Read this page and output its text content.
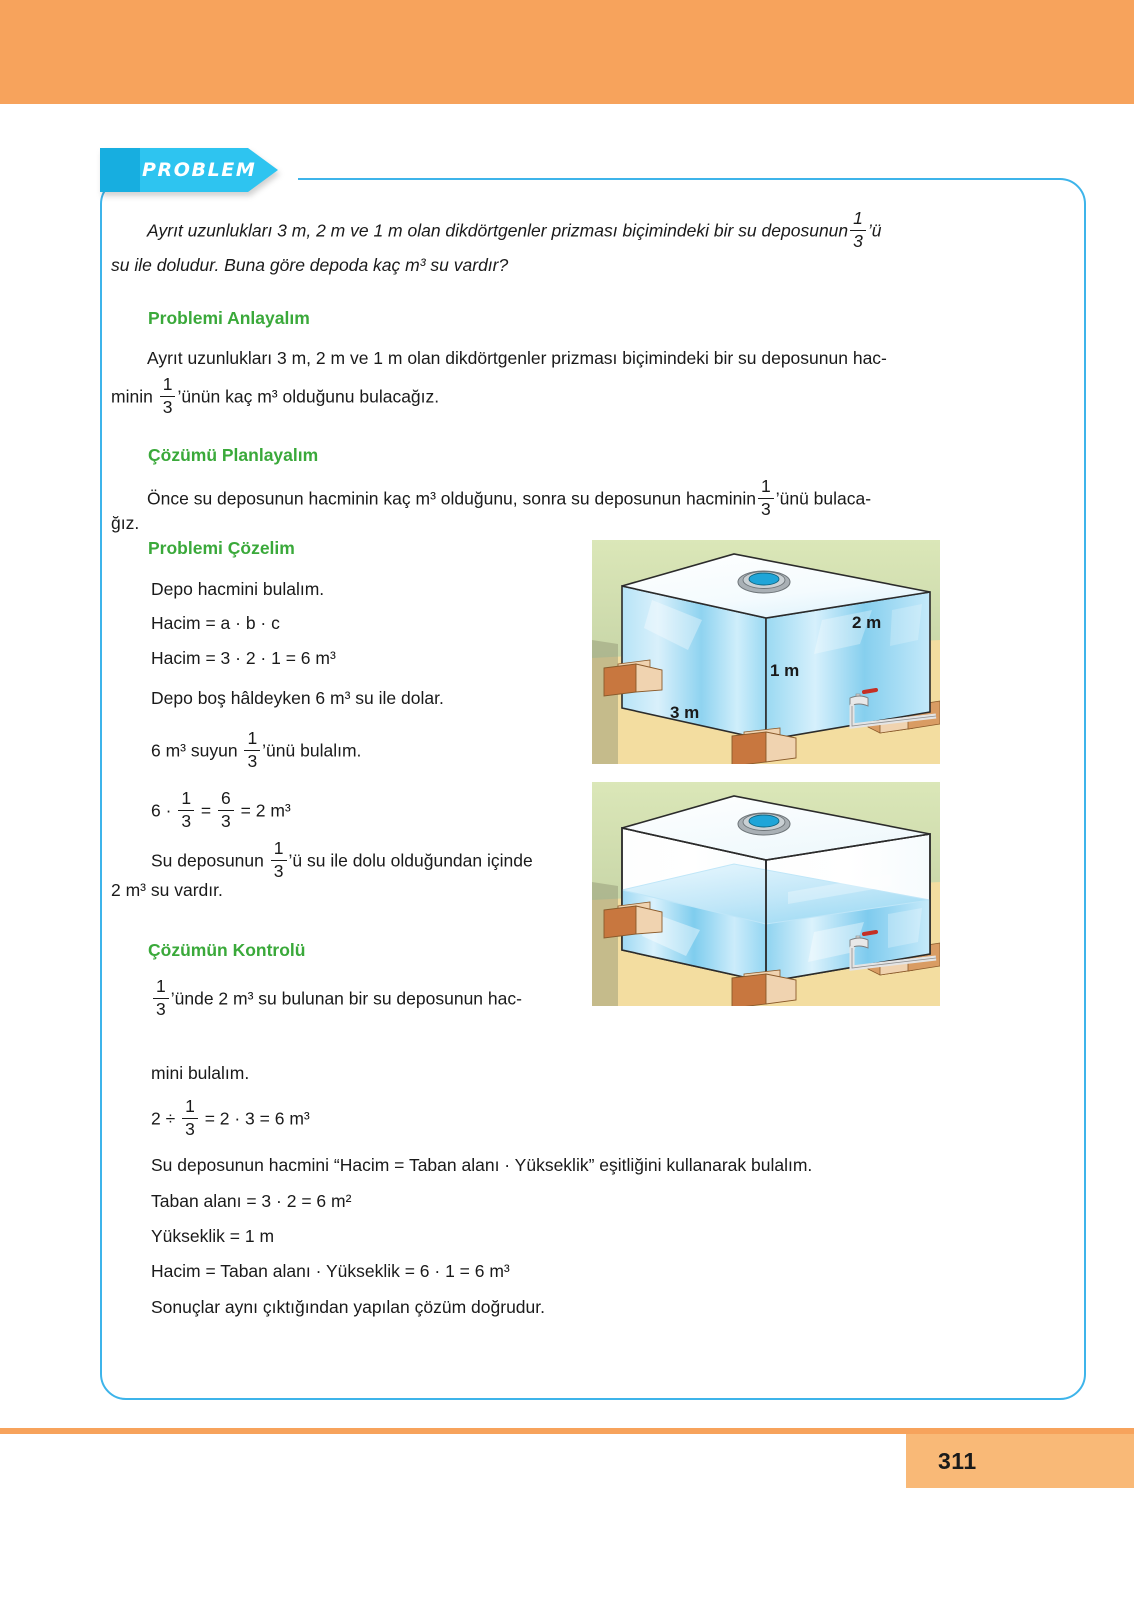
311
PROBLEM
Ayrıt uzunlukları 3 m, 2 m ve 1 m olan dikdörtgenler prizması biçimindeki bir su deposunun $\frac{1}{3}$ ’ü
su ile doludur. Buna göre depoda kaç m³ su vardır?
Problemi Anlayalım
Ayrıt uzunlukları 3 m, 2 m ve 1 m olan dikdörtgenler prizması biçimindeki bir su deposunun hac-
minin $\frac{1}{3}$ ’ünün kaç m³ olduğunu bulacağız.
Çözümü Planlayalım
Önce su deposunun hacminin kaç m³ olduğunu, sonra su deposunun hacminin $\frac{1}{3}$ ’ünü bulaca-
ğız.
Problemi Çözelim
Depo hacmini bulalım.
Hacim = a · b · c
Hacim = 3 · 2 · 1 = 6 m³
Depo boş hâldeyken 6 m³ su ile dolar.
6 m³ suyun $\frac{1}{3}$ ’ünü bulalım.
$6 \cdot \frac{1}{3} = \frac{6}{3} = 2$ m³
Su deposunun $\frac{1}{3}$ ’ü su ile dolu olduğundan içinde
2 m³ su vardır.
Çözümün Kontrolü
$\frac{1}{3}$ ’ünde 2 m³ su bulunan bir su deposunun hac-
mini bulalım.
$2 \div \frac{1}{3} = 2 \cdot 3 = 6$ m³
Su deposunun hacmini “Hacim = Taban alanı · Yükseklik” eşitliğini kullanarak bulalım.
Taban alanı = 3 · 2 = 6 m²
Yükseklik = 1 m
Hacim = Taban alanı · Yükseklik = 6 · 1 = 6 m³
Sonuçlar aynı çıktığından yapılan çözüm doğrudur.
2 m
1 m
3 m
